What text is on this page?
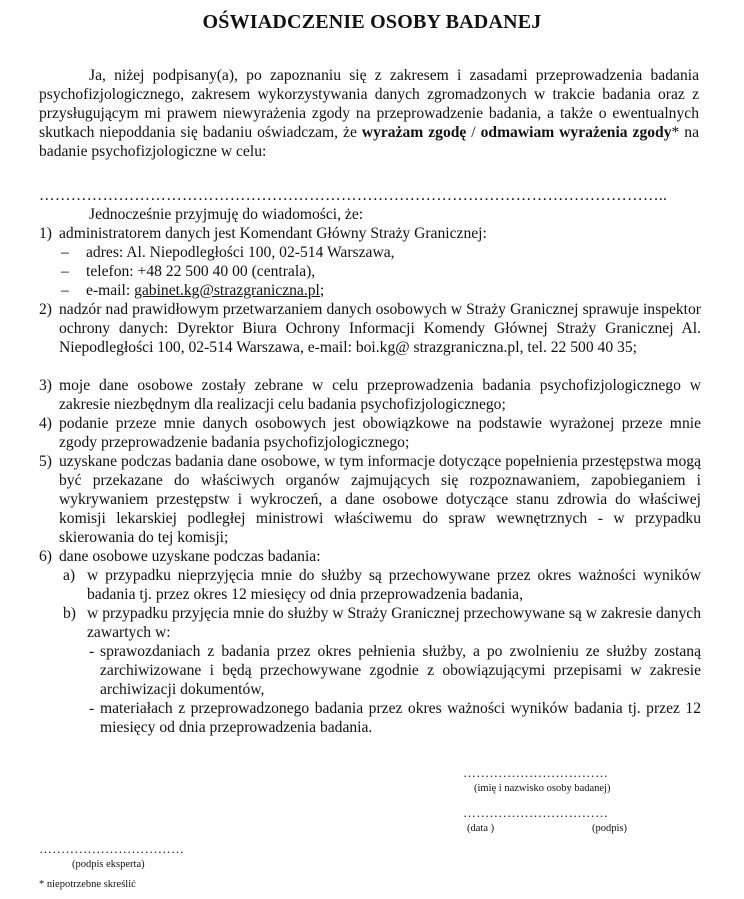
OŚWIADCZENIE OSOBY BADANEJ
Ja, niżej podpisany(a), po zapoznaniu się z zakresem i zasadami przeprowadzenia badania psychofizjologicznego, zakresem wykorzystywania danych zgromadzonych w trakcie badania oraz z przysługującym mi prawem niewyrażenia zgody na przeprowadzenie badania, a także o ewentualnych skutkach niepoddania się badaniu oświadczam, że wyrażam zgodę / odmawiam wyrażenia zgody* na badanie psychofizjologiczne w celu:
………………………………………………………………………………………………………..
Jednocześnie przyjmuję do wiadomości, że:
1) administratorem danych jest Komendant Główny Straży Granicznej:
– adres: Al. Niepodległości 100, 02-514 Warszawa,
– telefon: +48 22 500 40 00 (centrala),
– e-mail: gabinet.kg@strazgraniczna.pl;
2) nadzór nad prawidłowym przetwarzaniem danych osobowych w Straży Granicznej sprawuje inspektor ochrony danych: Dyrektor Biura Ochrony Informacji Komendy Głównej Straży Granicznej Al. Niepodległości 100, 02-514 Warszawa, e-mail: boi.kg@ strazgraniczna.pl, tel. 22 500 40 35;
3) moje dane osobowe zostały zebrane w celu przeprowadzenia badania psychofizjologicznego w zakresie niezbędnym dla realizacji celu badania psychofizjologicznego;
4) podanie przeze mnie danych osobowych jest obowiązkowe na podstawie wyrażonej przeze mnie zgody przeprowadzenie badania psychofizjologicznego;
5) uzyskane podczas badania dane osobowe, w tym informacje dotyczące popełnienia przestępstwa mogą być przekazane do właściwych organów zajmujących się rozpoznawaniem, zapobieganiem i wykrywaniem przestępstw i wykroczeń, a dane osobowe dotyczące stanu zdrowia do właściwej komisji lekarskiej podległej ministrowi właściwemu do spraw wewnętrznych - w przypadku skierowania do tej komisji;
6) dane osobowe uzyskane podczas badania:
a) w przypadku nieprzyjęcia mnie do służby są przechowywane przez okres ważności wyników badania tj. przez okres 12 miesięcy od dnia przeprowadzenia badania,
b) w przypadku przyjęcia mnie do służby w Straży Granicznej przechowywane są w zakresie danych zawartych w:
- sprawozdaniach z badania przez okres pełnienia służby, a po zwolnieniu ze służby zostaną zarchiwizowane i będą przechowywane zgodnie z obowiązującymi przepisami w zakresie archiwizacji dokumentów,
- materiałach z przeprowadzonego badania przez okres ważności wyników badania tj. przez 12 miesięcy od dnia przeprowadzenia badania.
……………………………
(imię i nazwisko osoby badanej)
……………………………
(data )	(podpis)
……………………………
(podpis eksperta)
* niepotrzebne skreślić
